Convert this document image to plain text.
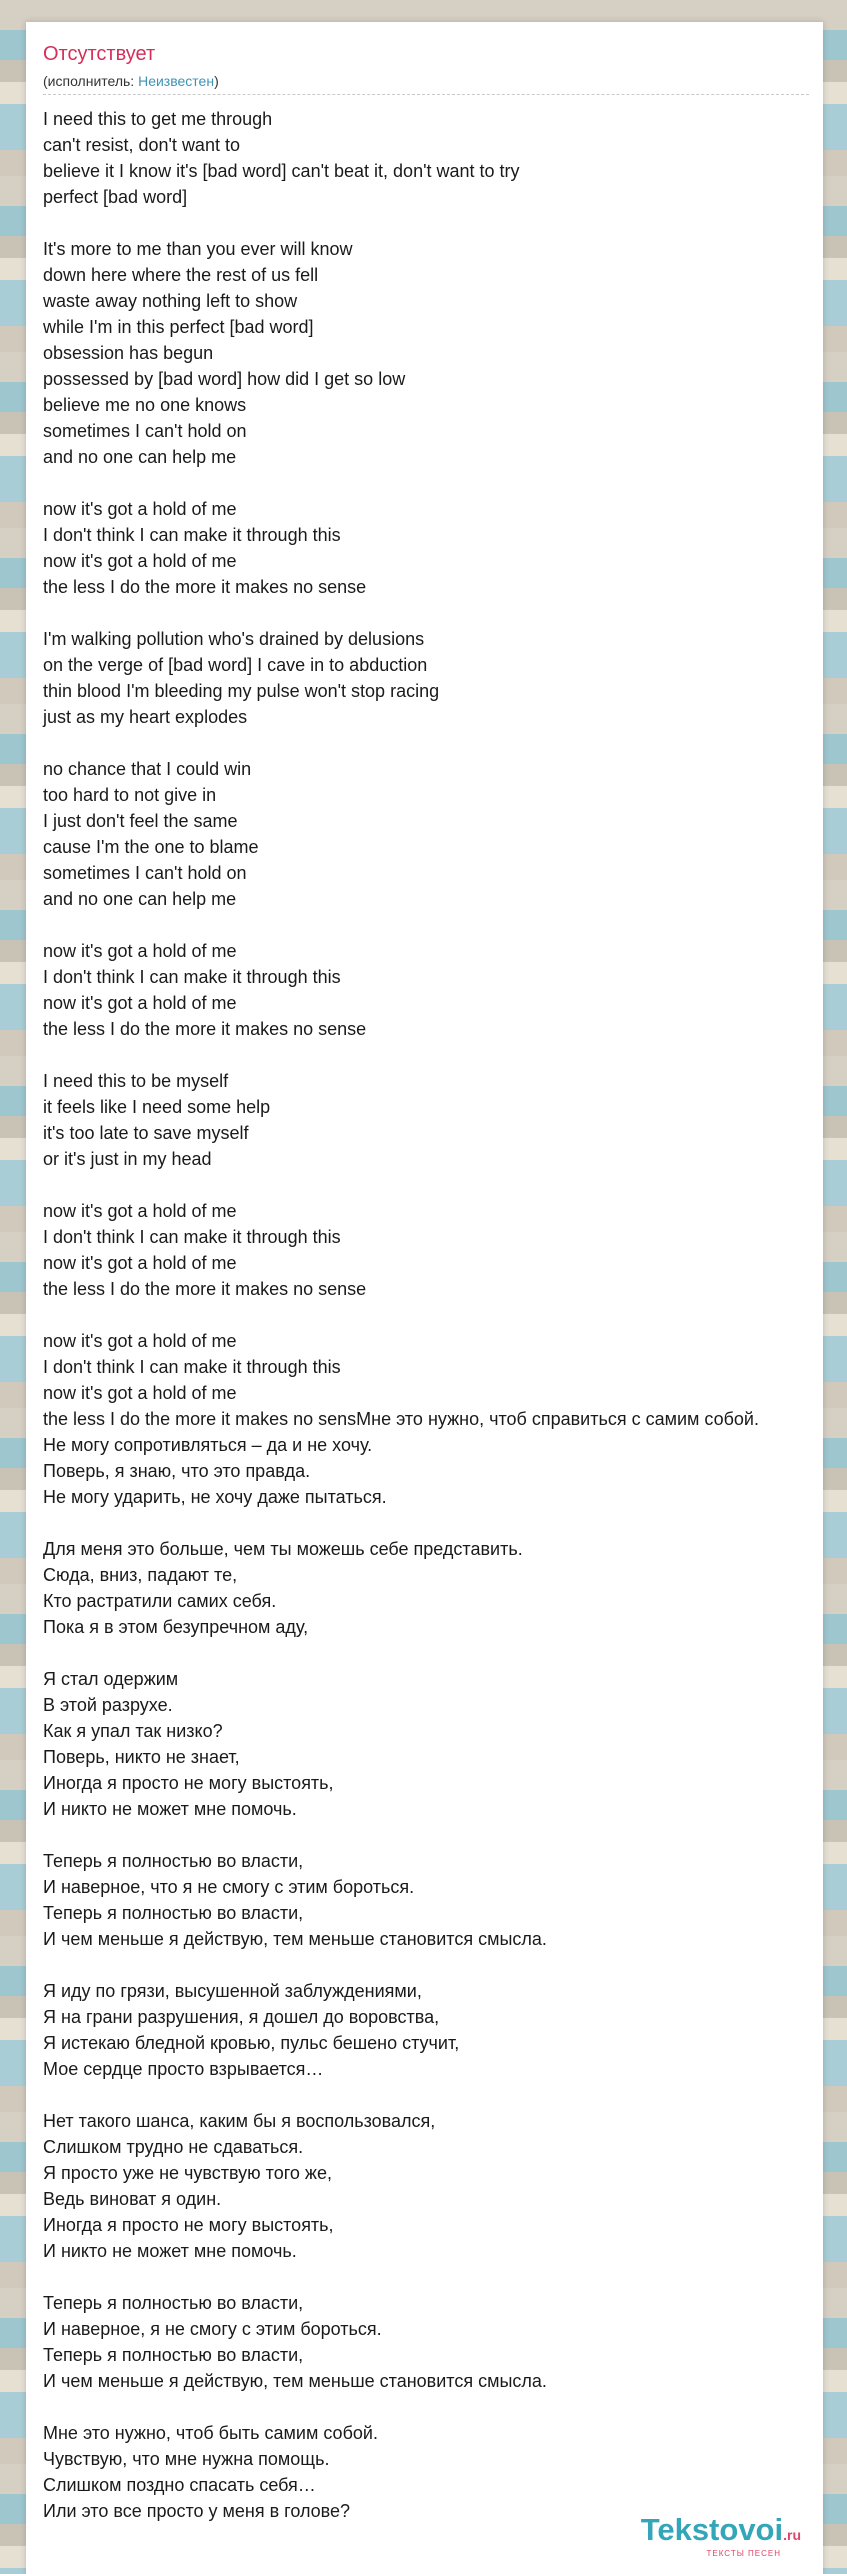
Отсутствует
(исполнитель: Неизвестен)
I need this to get me through
can't resist, don't want to
believe it I know it's [bad word] can't beat it, don't want to try
perfect [bad word]

It's more to me than you ever will know
down here where the rest of us fell
waste away nothing left to show
while I'm in this perfect [bad word]
obsession has begun
possessed by [bad word] how did I get so low
believe me no one knows
sometimes I can't hold on
and no one can help me

now it's got a hold of me
I don't think I can make it through this
now it's got a hold of me
the less I do the more it makes no sense

I'm walking pollution who's drained by delusions
on the verge of [bad word] I cave in to abduction
thin blood I'm bleeding my pulse won't stop racing
just as my heart explodes

no chance that I could win
too hard to not give in
I just don't feel the same
cause I'm the one to blame
sometimes I can't hold on
and no one can help me

now it's got a hold of me
I don't think I can make it through this
now it's got a hold of me
the less I do the more it makes no sense

I need this to be myself
it feels like I need some help
it's too late to save myself
or it's just in my head

now it's got a hold of me
I don't think I can make it through this
now it's got a hold of me
the less I do the more it makes no sense

now it's got a hold of me
I don't think I can make it through this
now it's got a hold of me
the less I do the more it makes no sensМне это нужно, чтоб справиться с самим собой.
Не могу сопротивляться – да и не хочу.
Поверь, я знаю, что это правда.
Не могу ударить, не хочу даже пытаться.

Для меня это больше, чем ты можешь себе представить.
Сюда, вниз, падают те,
Кто растратили самих себя.
Пока я в этом безупречном аду,

Я стал одержим
В этой разрухе.
Как я упал так низко?
Поверь, никто не знает,
Иногда я просто не могу выстоять,
И никто не может мне помочь.

Теперь я полностью во власти,
И наверное, что я не смогу с этим бороться.
Теперь я полностью во власти,
И чем меньше я действую, тем меньше становится смысла.

Я иду по грязи, высушенной заблуждениями,
Я на грани разрушения, я дошел до воровства,
Я истекаю бледной кровью, пульс бешено стучит,
Мое сердце просто взрывается…

Нет такого шанса, каким бы я воспользовался,
Слишком трудно не сдаваться.
Я просто уже не чувствую того же,
Ведь виноват я один.
Иногда я просто не могу выстоять,
И никто не может мне помочь.

Теперь я полностью во власти,
И наверное, я не смогу с этим бороться.
Теперь я полностью во власти,
И чем меньше я действую, тем меньше становится смысла.

Мне это нужно, чтоб быть самим собой.
Чувствую, что мне нужна помощь.
Слишком поздно спасать себя…
Или это все просто у меня в голове?
Tekstovoi.ru
ТЕКСТЫ ПЕСЕН
